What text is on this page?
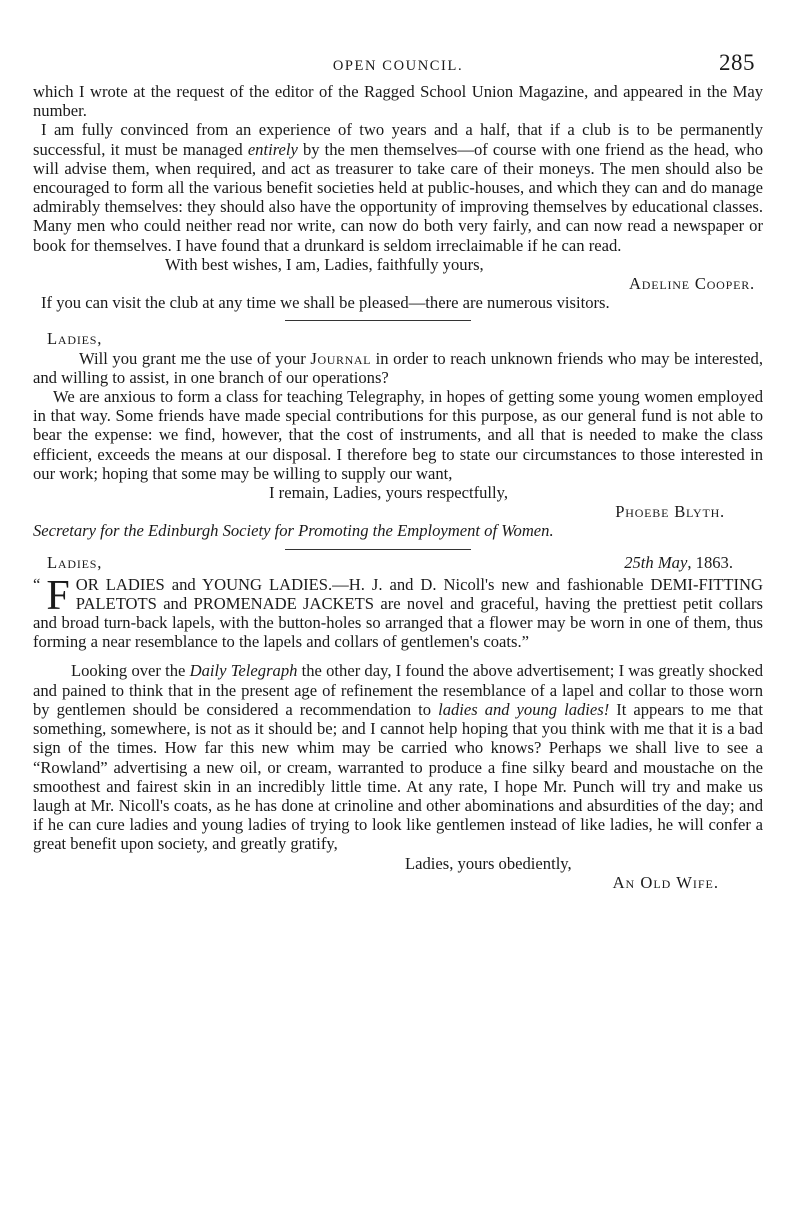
OPEN COUNCIL.	285

which I wrote at the request of the editor of the Ragged School Union Magazine, and appeared in the May number.

I am fully convinced from an experience of two years and a half, that if a club is to be permanently successful, it must be managed entirely by the men themselves—of course with one friend as the head, who will advise them, when required, and act as treasurer to take care of their moneys. The men should also be encouraged to form all the various benefit societies held at public-houses, and which they can and do manage admirably themselves: they should also have the opportunity of improving themselves by educational classes. Many men who could neither read nor write, can now do both very fairly, and can now read a newspaper or book for themselves. I have found that a drunkard is seldom irreclaimable if he can read.

With best wishes, I am, Ladies, faithfully yours,

Adeline Cooper.

If you can visit the club at any time we shall be pleased—there are numerous visitors.

Ladies,

Will you grant me the use of your Journal in order to reach unknown friends who may be interested, and willing to assist, in one branch of our operations?

We are anxious to form a class for teaching Telegraphy, in hopes of getting some young women employed in that way. Some friends have made special contributions for this purpose, as our general fund is not able to bear the expense: we find, however, that the cost of instruments, and all that is needed to make the class efficient, exceeds the means at our disposal. I therefore beg to state our circumstances to those interested in our work; hoping that some may be willing to supply our want,

I remain, Ladies, yours respectfully,

Phoebe Blyth.

Secretary for the Edinburgh Society for Promoting the Employment of Women.

Ladies,	25th May, 1863.

“ F OR LADIES and YOUNG LADIES.—H. J. and D. Nicoll's new and fashionable DEMI-FITTING PALETOTS and PROMENADE JACKETS are novel and graceful, having the prettiest petit collars and broad turn-back lapels, with the button-holes so arranged that a flower may be worn in one of them, thus forming a near resemblance to the lapels and collars of gentlemen's coats.”

Looking over the Daily Telegraph the other day, I found the above advertisement; I was greatly shocked and pained to think that in the present age of refinement the resemblance of a lapel and collar to those worn by gentlemen should be considered a recommendation to ladies and young ladies! It appears to me that something, somewhere, is not as it should be; and I cannot help hoping that you think with me that it is a bad sign of the times. How far this new whim may be carried who knows? Perhaps we shall live to see a “Rowland” advertising a new oil, or cream, warranted to produce a fine silky beard and moustache on the smoothest and fairest skin in an incredibly little time. At any rate, I hope Mr. Punch will try and make us laugh at Mr. Nicoll's coats, as he has done at crinoline and other abominations and absurdities of the day; and if he can cure ladies and young ladies of trying to look like gentlemen instead of like ladies, he will confer a great benefit upon society, and greatly gratify,

Ladies, yours obediently,

An Old Wife.
